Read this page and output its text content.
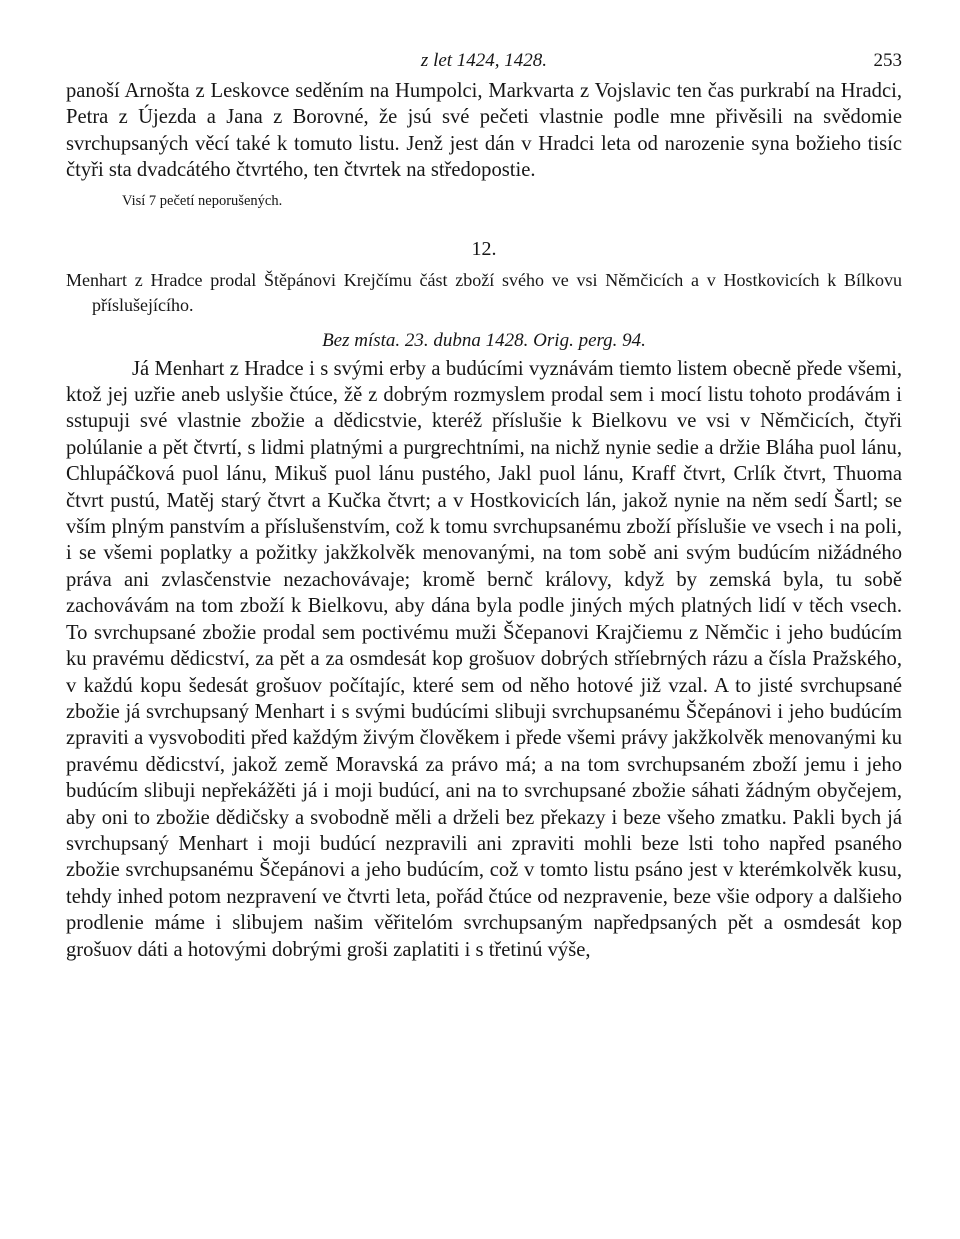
z let 1424, 1428.	253

panoší Arnošta z Leskovce seděním na Humpolci, Markvarta z Vojslavic ten čas purkrabí na Hradci, Petra z Újezda a Jana z Borovné, že jsú své pečeti vlastnie podle mne přivěsili na svědomie svrchupsaných věcí také k tomuto listu. Jenž jest dán v Hradci leta od narozenie syna božieho tisíc čtyři sta dvadcátého čtvrtého, ten čtvrtek na středopostie.

Visí 7 pečetí neporušených.
12.
Menhart z Hradce prodal Štěpánovi Krejčímu část zboží svého ve vsi Němčicích a v Hostkovicích k Bílkovu příslušejícího.
Bez místa. 23. dubna 1428. Orig. perg. 94.

Já Menhart z Hradce i s svými erby a budúcími vyznávám tiemto listem obecně přede všemi, ktož jej uzřie aneb uslyšie čtúce, žě z dobrým rozmyslem prodal sem i mocí listu tohoto prodávám i sstupuji své vlastnie zbožie a dědicstvie, kteréž příslušie k Bielkovu ve vsi v Němčicích, čtyři polúlanie a pět čtvrtí, s lidmi platnými a purgrechtními, na nichž nynie sedie a držie Bláha puol lánu, Chlupáčková puol lánu, Mikuš puol lánu pustého, Jakl puol lánu, Kraff čtvrt, Crlík čtvrt, Thuoma čtvrt pustú, Matěj starý čtvrt a Kučka čtvrt; a v Hostkovicích lán, jakož nynie na něm sedí Šartl; se vším plným panstvím a příslušenstvím, což k tomu svrchupsanému zboží příslušie ve vsech i na poli, i se všemi poplatky a požitky jakžkolvěk menovanými, na tom sobě ani svým budúcím nižádného práva ani zvlasčenstvie nezachovávaje; kromě bernč královy, když by zemská byla, tu sobě zachovávám na tom zboží k Bielkovu, aby dána byla podle jiných mých platných lidí v těch vsech. To svrchupsané zbožie prodal sem poctivému muži Ščepanovi Krajčiemu z Němčic i jeho budúcím ku pravému dědicství, za pět a za osmdesát kop grošuov dobrých stříebrných rázu a čísla Pražského, v každú kopu šedesát grošuov počítajíc, které sem od něho hotové již vzal. A to jisté svrchupsané zbožie já svrchupsaný Menhart i s svými budúcími slibuji svrchupsanému Ščepánovi i jeho budúcím zpraviti a vysvoboditi před každým živým člověkem i přede všemi právy jakžkolvěk menovanými ku pravému dědicství, jakož země Moravská za právo má; a na tom svrchupsaném zboží jemu i jeho budúcím slibuji nepřekážěti já i moji budúcí, ani na to svrchupsané zbožie sáhati žádným obyčejem, aby oni to zbožie dědičsky a svobodně měli a drželi bez překazy i beze všeho zmatku. Pakli bych já svrchupsaný Menhart i moji budúcí nezpravili ani zpraviti mohli beze lsti toho napřed psaného zbožie svrchupsanému Ščepánovi a jeho budúcím, což v tomto listu psáno jest v kterémkolvěk kusu, tehdy inhed potom nezpravení ve čtvrti leta, pořád čtúce od nezpravenie, beze všie odpory a dalšieho prodlenie máme i slibujem našim věřitelóm svrchupsaným napředpsaných pět a osmdesát kop grošuov dáti a hotovými dobrými groši zaplatiti i s třetinú výše,
